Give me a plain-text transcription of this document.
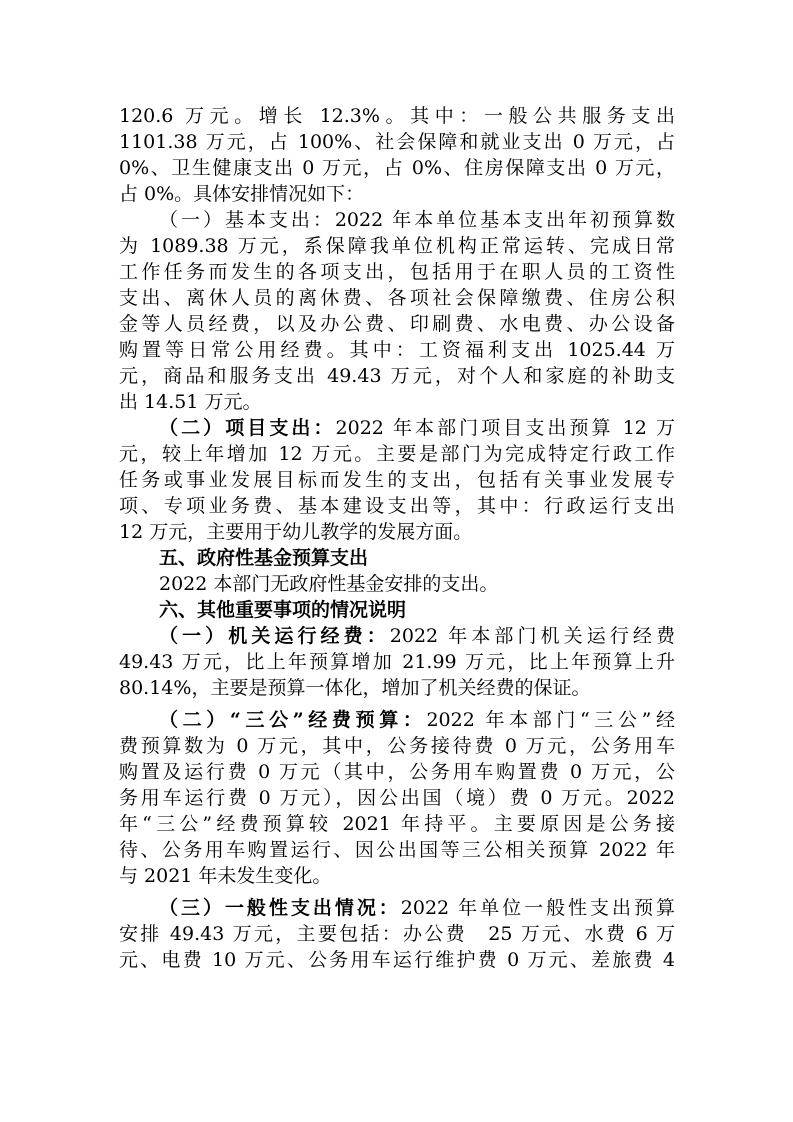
120.6 万元。增长 12.3%。其中：一般公共服务支出
1101.38 万元，占 100%、社会保障和就业支出 0 万元，占
0%、卫生健康支出 0 万元，占 0%、住房保障支出 0 万元，
占 0%。具体安排情况如下：
（一）基本支出：2022 年本单位基本支出年初预算数
为 1089.38 万元，系保障我单位机构正常运转、完成日常
工作任务而发生的各项支出，包括用于在职人员的工资性
支出、离休人员的离休费、各项社会保障缴费、住房公积
金等人员经费，以及办公费、印刷费、水电费、办公设备
购置等日常公用经费。其中：工资福利支出 1025.44 万
元，商品和服务支出 49.43 万元，对个人和家庭的补助支
出 14.51 万元。
（二）项目支出：2022 年本部门项目支出预算 12 万
元，较上年增加 12 万元。主要是部门为完成特定行政工作
任务或事业发展目标而发生的支出，包括有关事业发展专
项、专项业务费、基本建设支出等，其中：行政运行支出
12 万元，主要用于幼儿教学的发展方面。
五、政府性基金预算支出
2022 本部门无政府性基金安排的支出。
六、其他重要事项的情况说明
（一）机关运行经费：2022 年本部门机关运行经费
49.43 万元，比上年预算增加 21.99 万元，比上年预算上升
80.14%，主要是预算一体化，增加了机关经费的保证。
（二）“三公”经费预算：2022 年本部门“三公”经
费预算数为 0 万元，其中，公务接待费 0 万元，公务用车
购置及运行费 0 万元（其中，公务用车购置费 0 万元，公
务用车运行费 0 万元），因公出国（境）费 0 万元。2022
年“三公”经费预算较 2021 年持平。主要原因是公务接
待、公务用车购置运行、因公出国等三公相关预算 2022 年
与 2021 年未发生变化。
（三）一般性支出情况：2022 年单位一般性支出预算
安排 49.43 万元，主要包括：办公费　25 万元、水费 6 万
元、电费 10 万元、公务用车运行维护费 0 万元、差旅费 4
